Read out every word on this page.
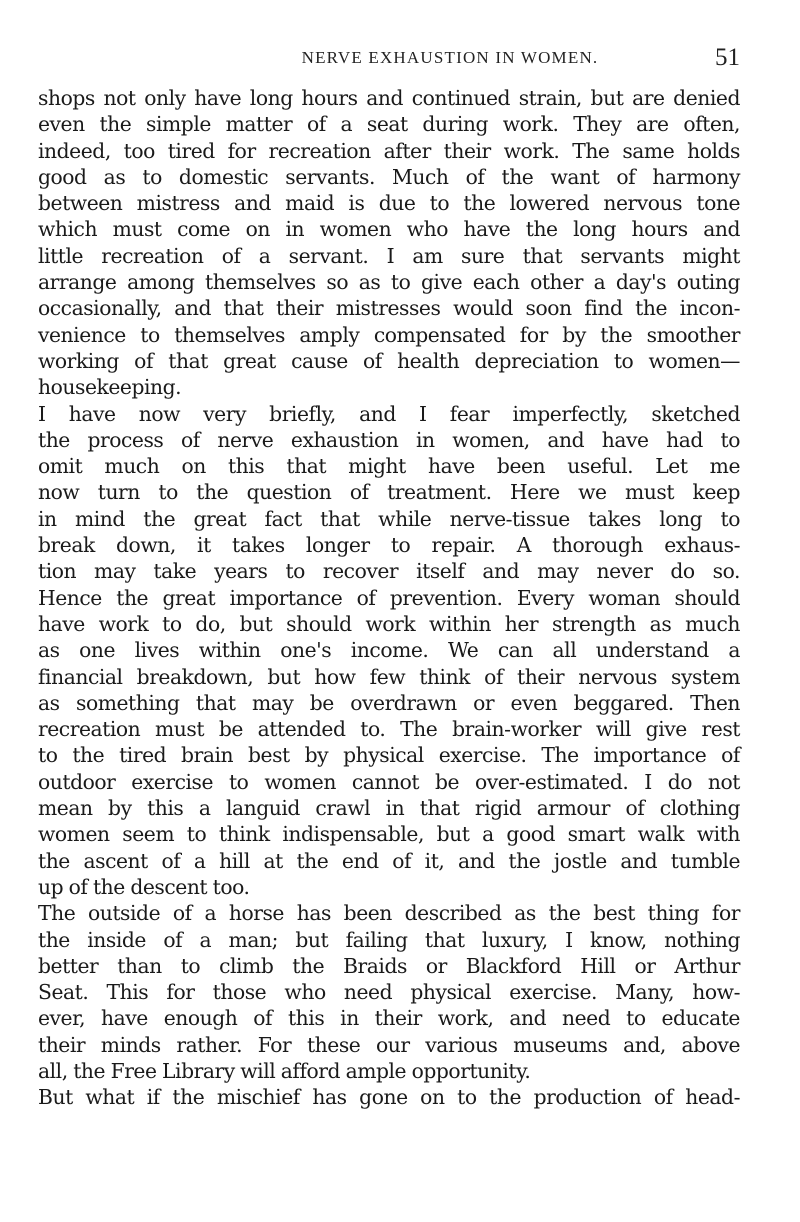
NERVE EXHAUSTION IN WOMEN.	51
shops not only have long hours and continued strain, but are denied
even the simple matter of a seat during work. They are often,
indeed, too tired for recreation after their work. The same holds
good as to domestic servants. Much of the want of harmony
between mistress and maid is due to the lowered nervous tone
which must come on in women who have the long hours and
little recreation of a servant. I am sure that servants might
arrange among themselves so as to give each other a day's outing
occasionally, and that their mistresses would soon find the incon-
venience to themselves amply compensated for by the smoother
working of that great cause of health depreciation to women—
housekeeping.
I have now very briefly, and I fear imperfectly, sketched
the process of nerve exhaustion in women, and have had to
omit much on this that might have been useful. Let me
now turn to the question of treatment. Here we must keep
in mind the great fact that while nerve-tissue takes long to
break down, it takes longer to repair. A thorough exhaus-
tion may take years to recover itself and may never do so.
Hence the great importance of prevention. Every woman should
have work to do, but should work within her strength as much
as one lives within one's income. We can all understand a
financial breakdown, but how few think of their nervous system
as something that may be overdrawn or even beggared. Then
recreation must be attended to. The brain-worker will give rest
to the tired brain best by physical exercise. The importance of
outdoor exercise to women cannot be over-estimated. I do not
mean by this a languid crawl in that rigid armour of clothing
women seem to think indispensable, but a good smart walk with
the ascent of a hill at the end of it, and the jostle and tumble
up of the descent too.
The outside of a horse has been described as the best thing for
the inside of a man; but failing that luxury, I know, nothing
better than to climb the Braids or Blackford Hill or Arthur
Seat. This for those who need physical exercise. Many, how-
ever, have enough of this in their work, and need to educate
their minds rather. For these our various museums and, above
all, the Free Library will afford ample opportunity.
But what if the mischief has gone on to the production of head-
